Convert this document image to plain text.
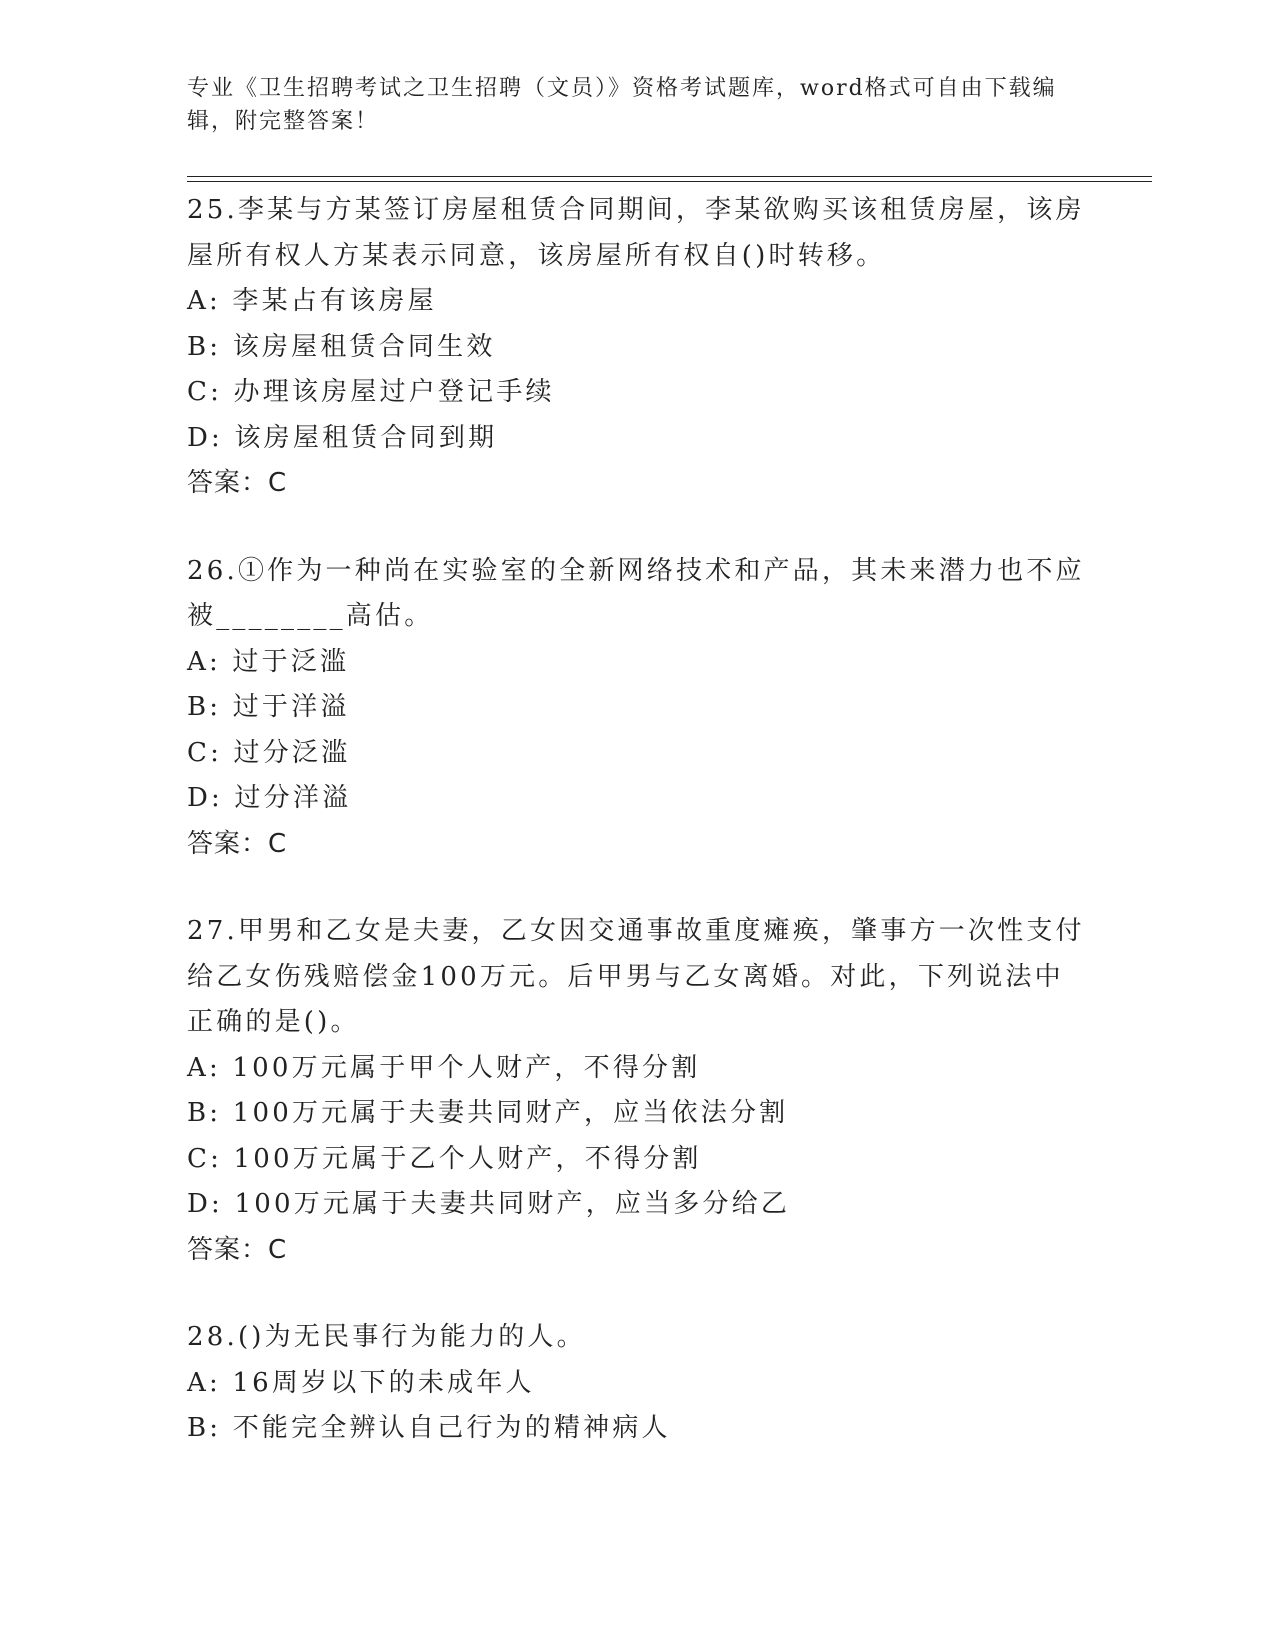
专业《卫生招聘考试之卫生招聘（文员）》资格考试题库，word格式可自由下载编辑，附完整答案！
25.李某与方某签订房屋租赁合同期间，李某欲购买该租赁房屋，该房屋所有权人方某表示同意，该房屋所有权自()时转移。
A: 李某占有该房屋
B: 该房屋租赁合同生效
C: 办理该房屋过户登记手续
D: 该房屋租赁合同到期
答案：C
26.①作为一种尚在实验室的全新网络技术和产品，其未来潜力也不应被________高估。
A: 过于泛滥
B: 过于洋溢
C: 过分泛滥
D: 过分洋溢
答案：C
27.甲男和乙女是夫妻，乙女因交通事故重度瘫痪，肇事方一次性支付给乙女伤残赔偿金100万元。后甲男与乙女离婚。对此，下列说法中正确的是()。
A: 100万元属于甲个人财产，不得分割
B: 100万元属于夫妻共同财产，应当依法分割
C: 100万元属于乙个人财产，不得分割
D: 100万元属于夫妻共同财产，应当多分给乙
答案：C
28.()为无民事行为能力的人。
A: 16周岁以下的未成年人
B: 不能完全辨认自己行为的精神病人
